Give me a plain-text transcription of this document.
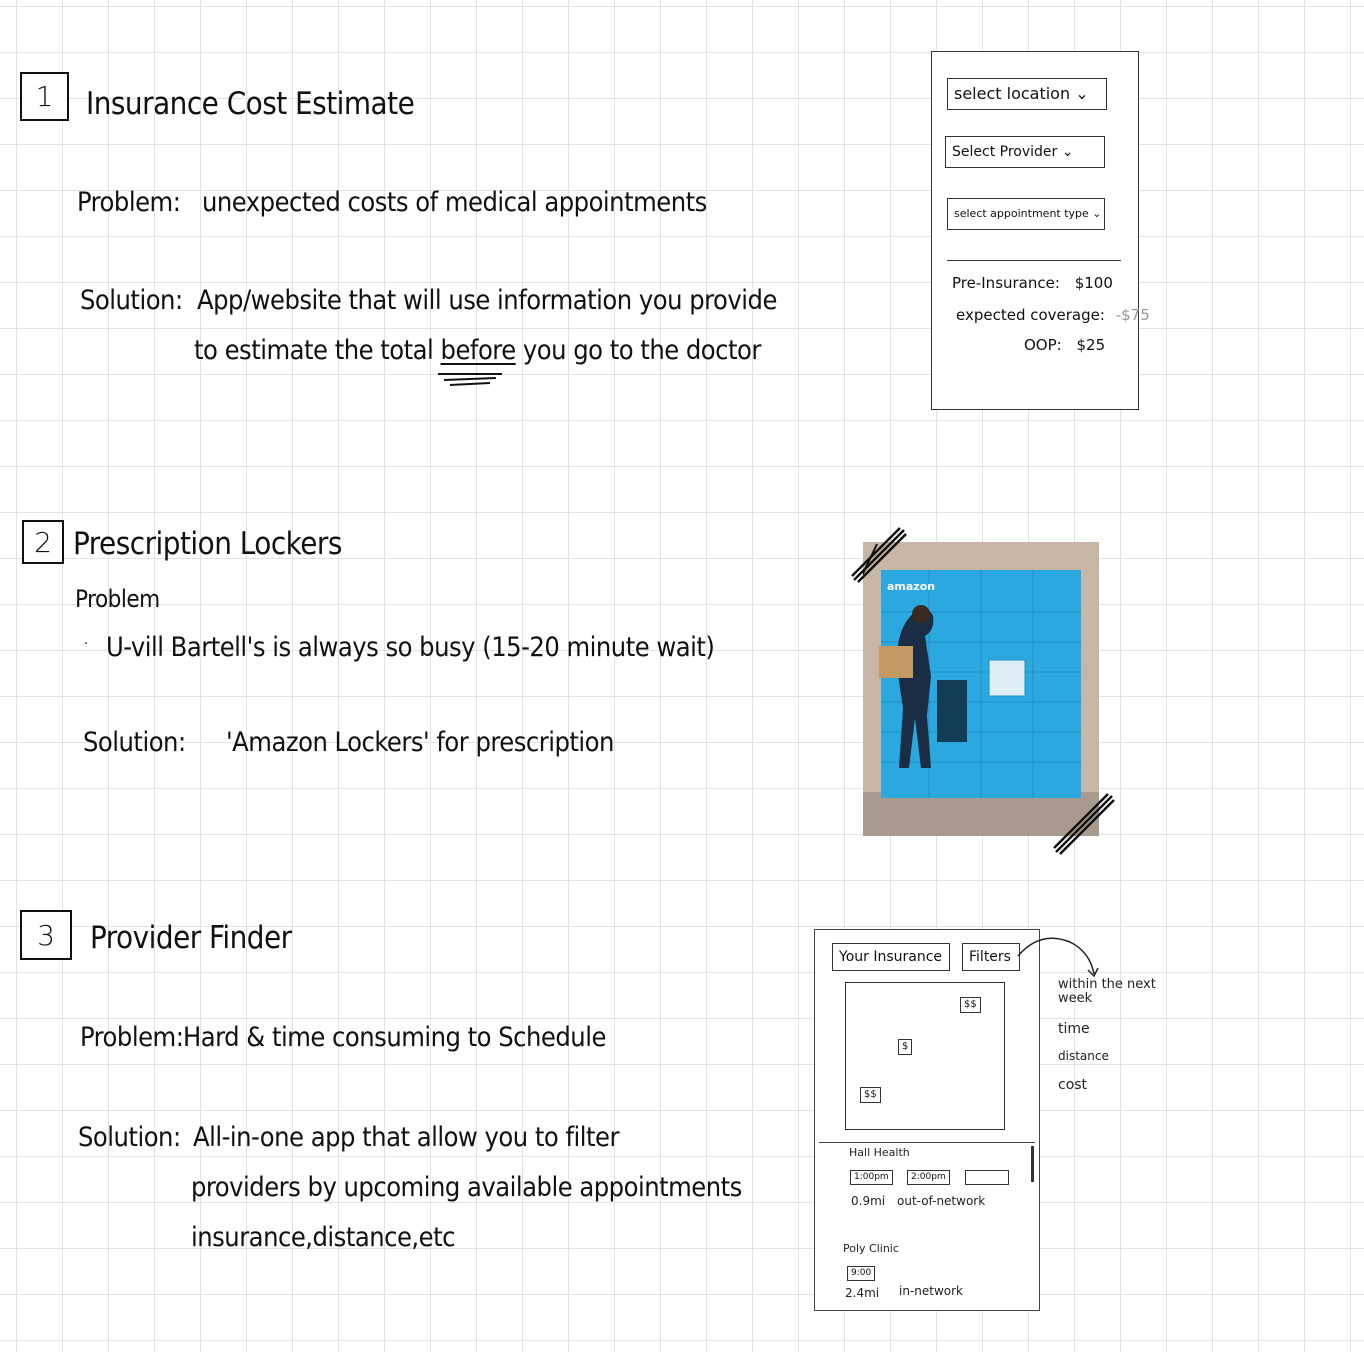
1	Insurance Cost Estimate
Problem: unexpected costs of medical appointments
Solution: App/website that will use information you provide
to estimate the total before you go to the doctor
select location ⌄
Select Provider ⌄
select appointment type ⌄
Pre-Insurance: $100
expected coverage: -$75
OOP: $25
2 Prescription Lockers
Problem
· U-vill Bartell's is always so busy (15-20 minute wait)
Solution: 'Amazon Lockers' for prescription
amazon
3	Provider Finder
Problem: Hard & time consuming to Schedule
Solution: All-in-one app that allow you to filter
providers by upcoming available appointments
insurance,distance,etc
Your Insurance	Filters
$$
$
$$
Hall Health
1:00pm	2:00pm
0.9mi out-of-network
Poly Clinic
9:00
2.4mi in-network
within the next week
time
distance
cost
